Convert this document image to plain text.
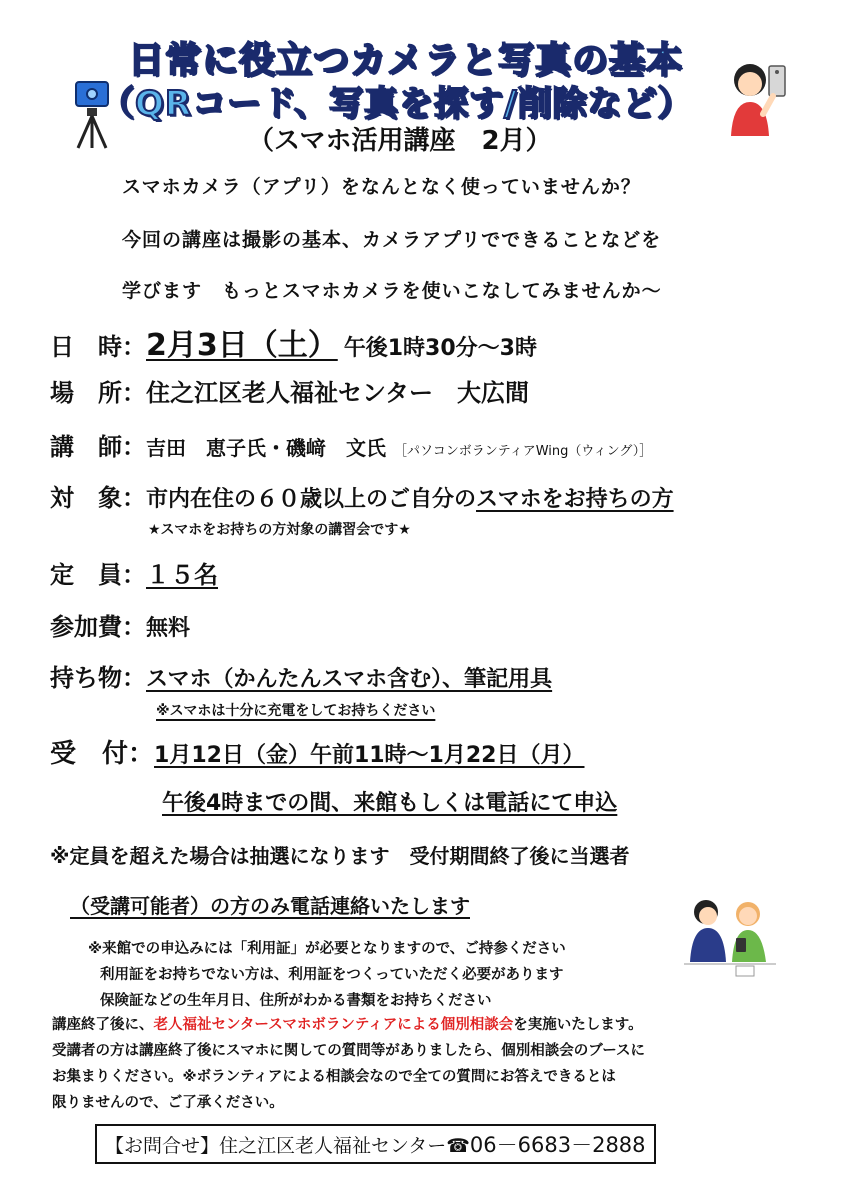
日常に役立つカメラと写真の基本
（QRコード、写真を探す/削除など）
（スマホ活用講座　2月）
スマホカメラ（アプリ）をなんとなく使っていませんか？
今回の講座は撮影の基本、カメラアプリでできることなどを
学びます　もっとスマホカメラを使いこなしてみませんか～
日　時：2月3日（土） 午後1時30分～3時
場　所：住之江区老人福祉センター　大広間
講　師：吉田　恵子氏・磯﨑　文氏 ［パソコンボランティアWing（ウィング）］
対　象：市内在住の６０歳以上のご自分のスマホをお持ちの方
★スマホをお持ちの方対象の講習会です★
定　員：１５名
参加費：無料
持ち物：スマホ（かんたんスマホ含む）、筆記用具
※スマホは十分に充電をしてお持ちください
受　付：1月12日（金）午前11時～1月22日（月）
午後4時までの間、来館もしくは電話にて申込
※定員を超えた場合は抽選になります　受付期間終了後に当選者
（受講可能者）の方のみ電話連絡いたします
※来館での申込みには「利用証」が必要となりますので、ご持参ください
利用証をお持ちでない方は、利用証をつくっていただく必要があります
保険証などの生年月日、住所がわかる書類をお持ちください
講座終了後に、老人福祉センタースマホボランティアによる個別相談会を実施いたします。
受講者の方は講座終了後にスマホに関しての質問等がありましたら、個別相談会のブースに
お集まりください。※ボランティアによる相談会なので全ての質問にお答えできるとは
限りませんので、ご了承ください。
【お問合せ】住之江区老人福祉センター☎06－6683－2888
